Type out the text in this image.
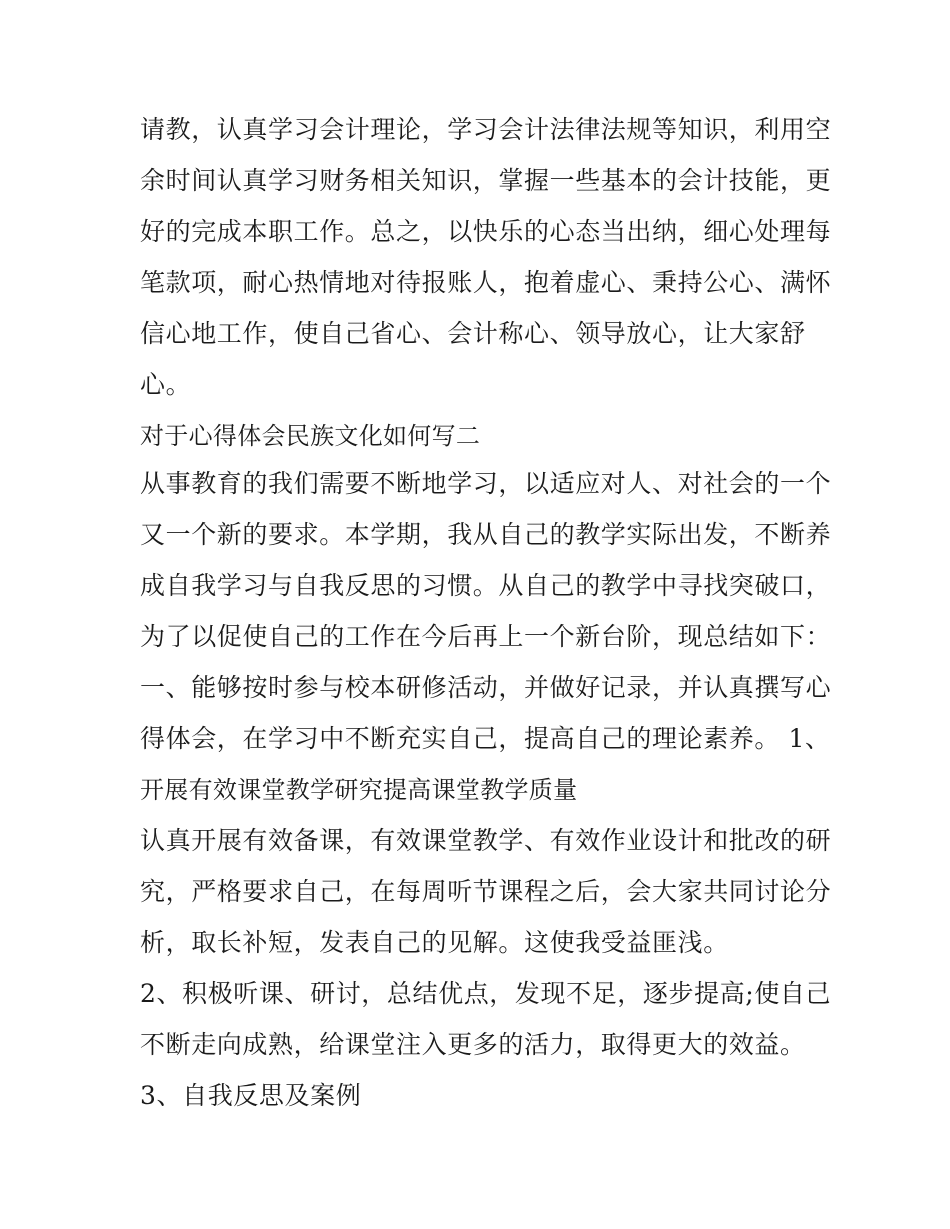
请教，认真学习会计理论，学习会计法律法规等知识，利用空
余时间认真学习财务相关知识，掌握一些基本的会计技能，更
好的完成本职工作。总之，以快乐的心态当出纳，细心处理每
笔款项，耐心热情地对待报账人，抱着虚心、秉持公心、满怀
信心地工作，使自己省心、会计称心、领导放心，让大家舒
心。
对于心得体会民族文化如何写二
从事教育的我们需要不断地学习，以适应对人、对社会的一个
又一个新的要求。本学期，我从自己的教学实际出发，不断养
成自我学习与自我反思的习惯。从自己的教学中寻找突破口，
为了以促使自己的工作在今后再上一个新台阶，现总结如下：
一、能够按时参与校本研修活动，并做好记录，并认真撰写心
得体会，在学习中不断充实自己，提高自己的理论素养。 1、
开展有效课堂教学研究提高课堂教学质量
认真开展有效备课，有效课堂教学、有效作业设计和批改的研
究，严格要求自己，在每周听节课程之后，会大家共同讨论分
析，取长补短，发表自己的见解。这使我受益匪浅。
2、积极听课、研讨，总结优点，发现不足，逐步提高;使自己
不断走向成熟，给课堂注入更多的活力，取得更大的效益。
3、自我反思及案例
